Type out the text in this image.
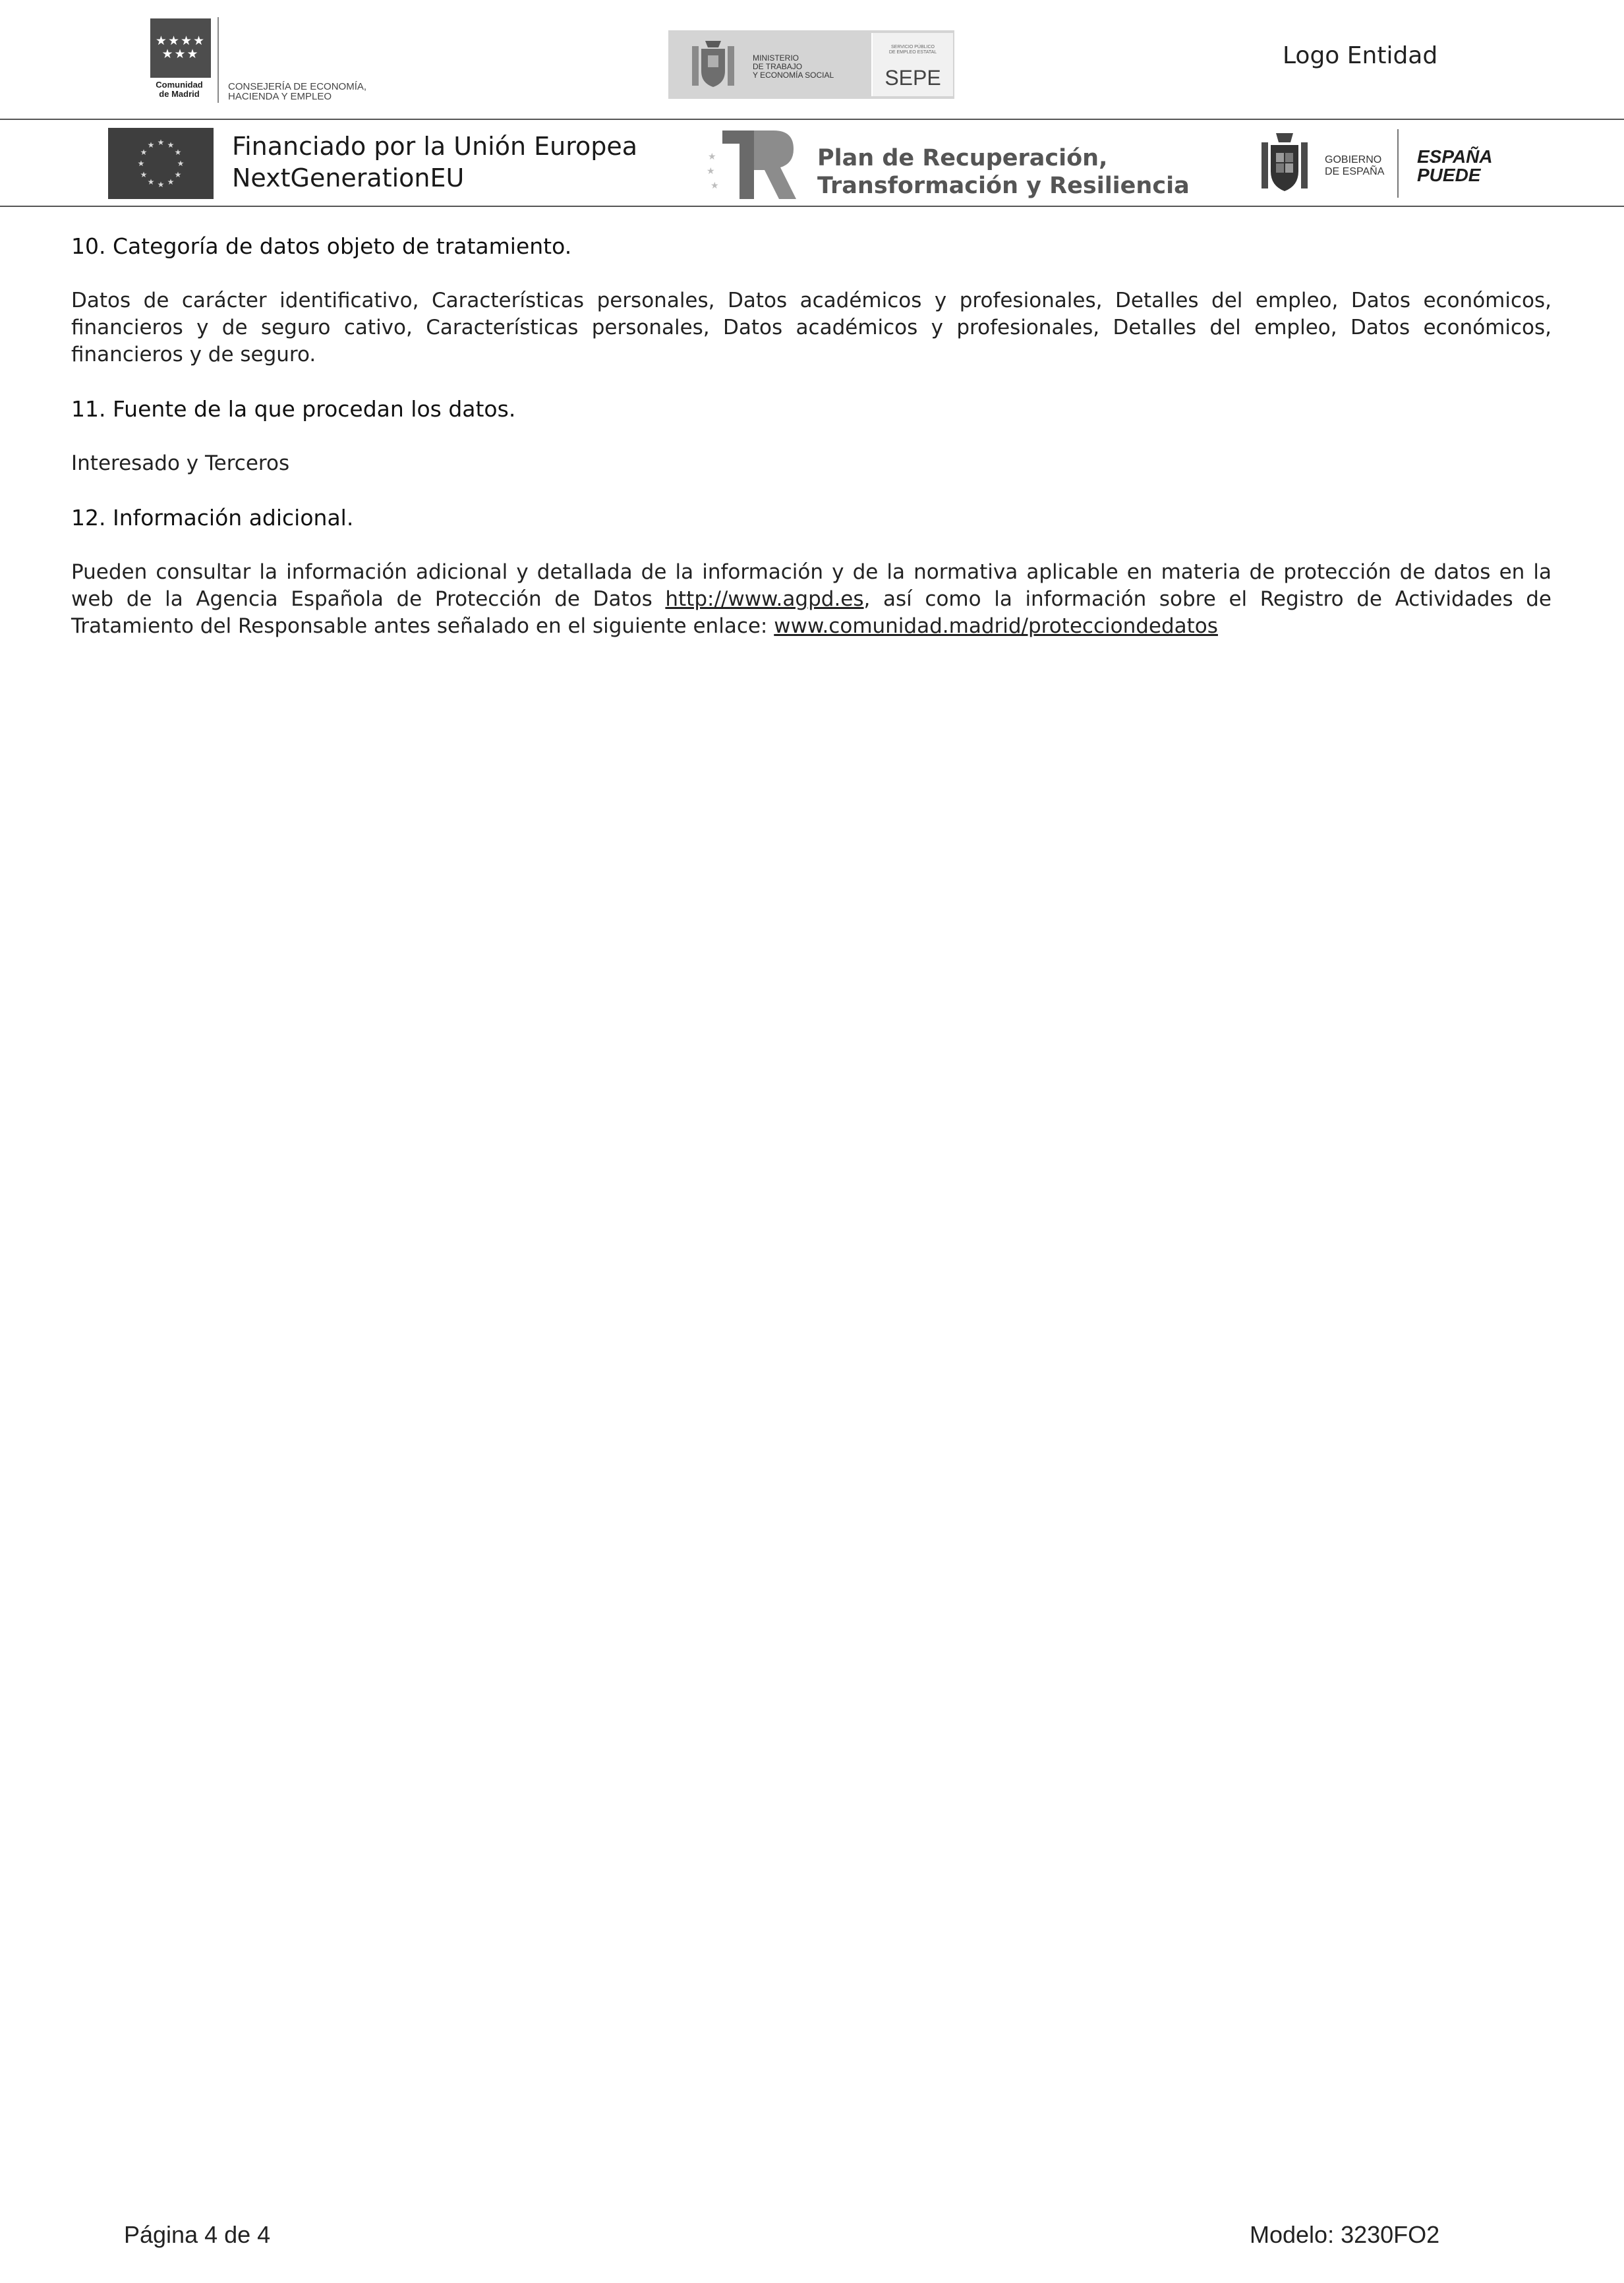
★★★★
★★★
Comunidad
de Madrid
CONSEJERÍA DE ECONOMÍA,
HACIENDA Y EMPLEO
MINISTERIO
DE TRABAJO
Y ECONOMÍA SOCIAL
SERVICIO PÚBLICO
DE EMPLEO ESTATAL
SEPE
Logo Entidad
★ ★
★
★
★
★
★
★
★
★
★
★	Financiado por la Unión Europea
NextGenerationEU
★
★
★
Plan de Recuperación,
Transformación y Resiliencia
GOBIERNO
DE ESPAÑA
ESPAÑA
PUEDE

10. Categoría de datos objeto de tratamiento.

Datos de carácter identificativo, Características personales, Datos académicos y profesionales, Detalles del empleo, Datos económicos, financieros y de seguro cativo, Características personales, Datos académicos y profesionales, Detalles del empleo, Datos económicos, financieros y de seguro.

11. Fuente de la que procedan los datos.

Interesado y Terceros

12. Información adicional.

Pueden consultar la información adicional y detallada de la información y de la normativa aplicable en materia de protección de datos en la web de la Agencia Española de Protección de Datos http://www.agpd.es, así como la información sobre el Registro de Actividades de Tratamiento del Responsable antes señalado en el siguiente enlace: www.comunidad.madrid/protecciondedatos

Página 4 de 4	Modelo: 3230FO2
